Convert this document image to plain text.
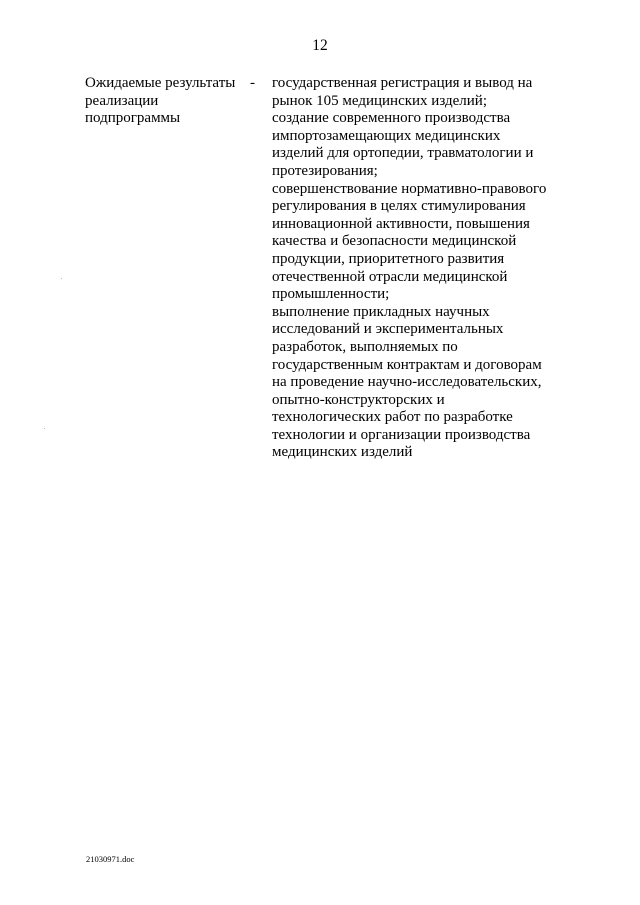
12
Ожидаемые результаты
реализации
подпрограммы
- государственная регистрация и вывод на
рынок 105 медицинских изделий;
создание современного производства
импортозамещающих медицинских
изделий для ортопедии, травматологии и
протезирования;
совершенствование нормативно-правового
регулирования в целях стимулирования
инновационной активности, повышения
качества и безопасности медицинской
продукции, приоритетного развития
отечественной отрасли медицинской
промышленности;
выполнение прикладных научных
исследований и экспериментальных
разработок, выполняемых по
государственным контрактам и договорам
на проведение научно-исследовательских,
опытно-конструкторских и
технологических работ по разработке
технологии и организации производства
медицинских изделий
21030971.doc
